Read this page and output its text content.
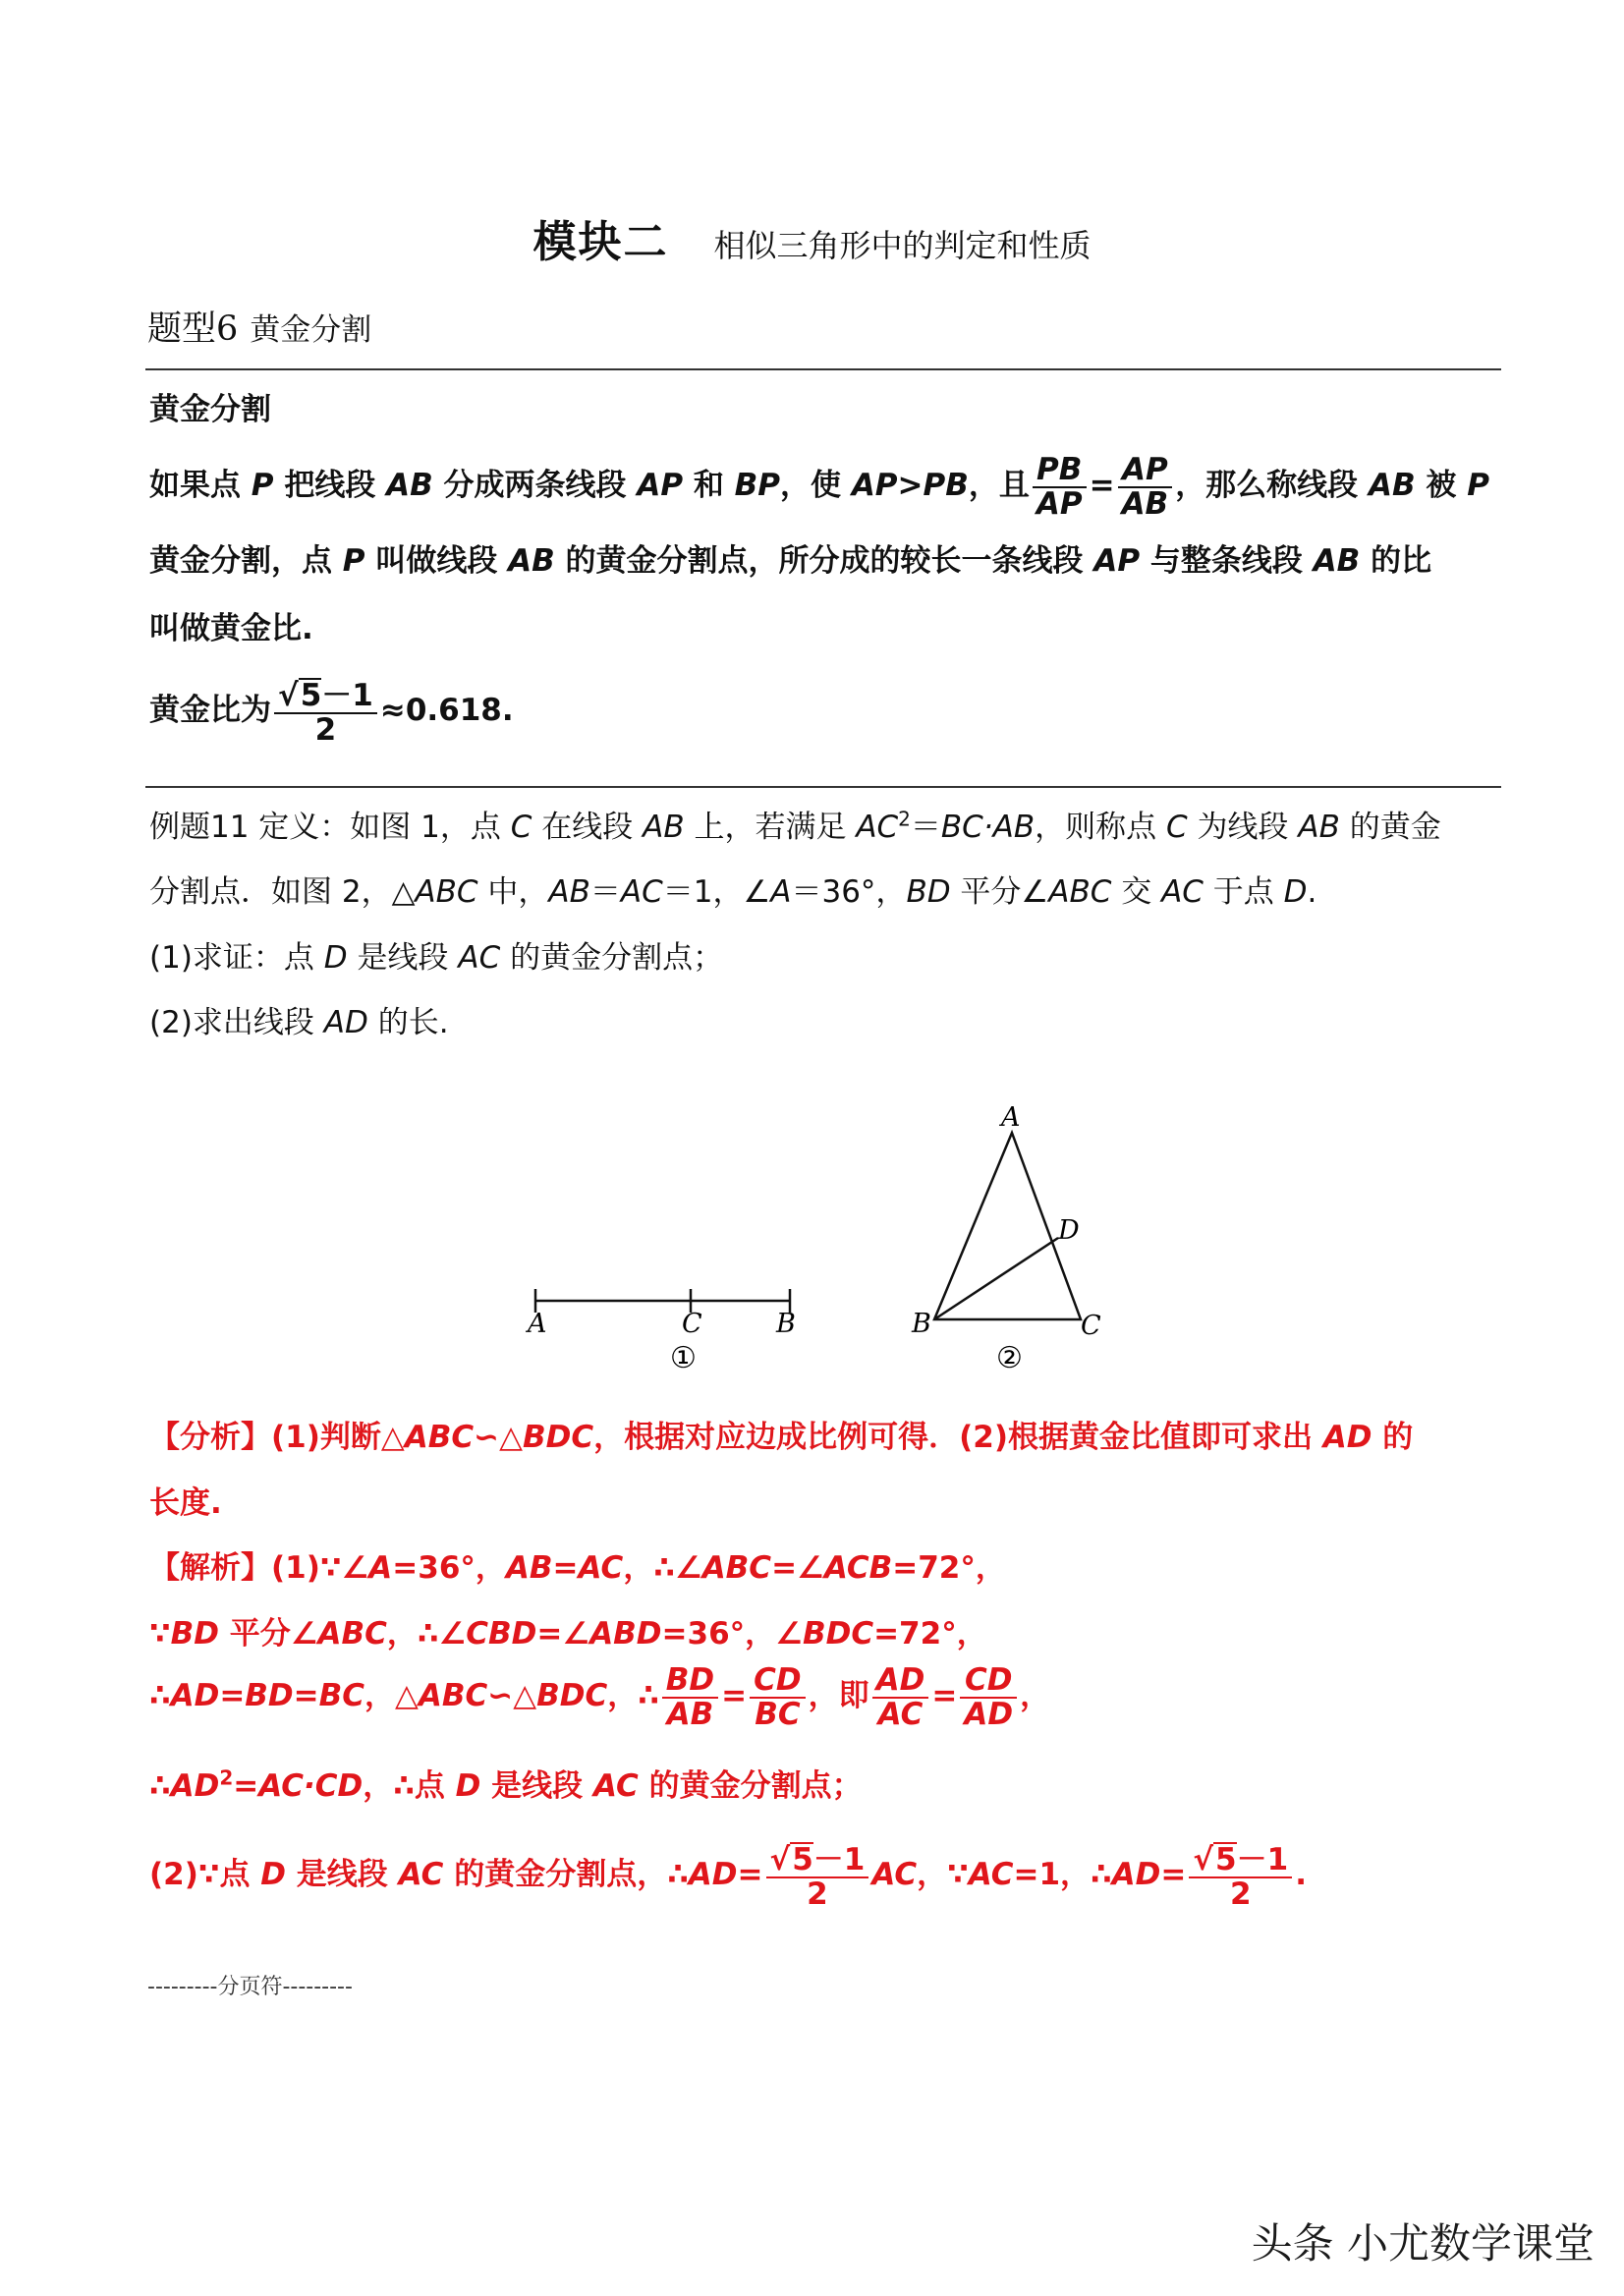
模块二 相似三角形中的判定和性质
题型6 黄金分割
黄金分割
如果点 P 把线段 AB 分成两条线段 AP 和 BP，使 AP>PB，且 $\frac{PB}{AP} = \frac{AP}{AB}$ ，那么称线段 AB 被 P
黄金分割，点 P 叫做线段 AB 的黄金分割点，所分成的较长一条线段 AP 与整条线段 AB 的比
叫做黄金比.
黄金比为 $\frac{√5-1}{2} \approx 0.618$.
例题11 定义：如图 1，点 C 在线段 AB 上，若满足 $AC^2=BC\cdot AB$，则称点 C 为线段 AB 的黄金
分割点．如图 2，△ABC 中，AB＝AC＝1，∠A＝36°，BD 平分∠ABC 交 AC 于点 D.
(1)求证：点 D 是线段 AC 的黄金分割点；
(2)求出线段 AD 的长.
A	C	B
①
A
D
B	C
②
【分析】(1)判断△ABC∽△BDC，根据对应边成比例可得．(2)根据黄金比值即可求出 AD 的
长度.
【解析】(1)∵∠A=36°，AB=AC，∴∠ABC=∠ACB=72°，
∵BD 平分∠ABC，∴∠CBD=∠ABD=36°，∠BDC=72°，
∴AD=BD=BC，△ABC∽△BDC，∴ $\frac{BD}{AB} = \frac{CD}{BC}$ ，即 $\frac{AD}{AC} = \frac{CD}{AD}$ ，
$\therefore AD^2=AC\cdot CD$，∴点 D 是线段 AC 的黄金分割点；
(2)∵点 D 是线段 AC 的黄金分割点，∴AD= $\frac{√5-1}{2}$ AC，∵AC=1，∴AD= $\frac{√5-1}{2}$ .
---------分页符---------
头条 小尤数学课堂
